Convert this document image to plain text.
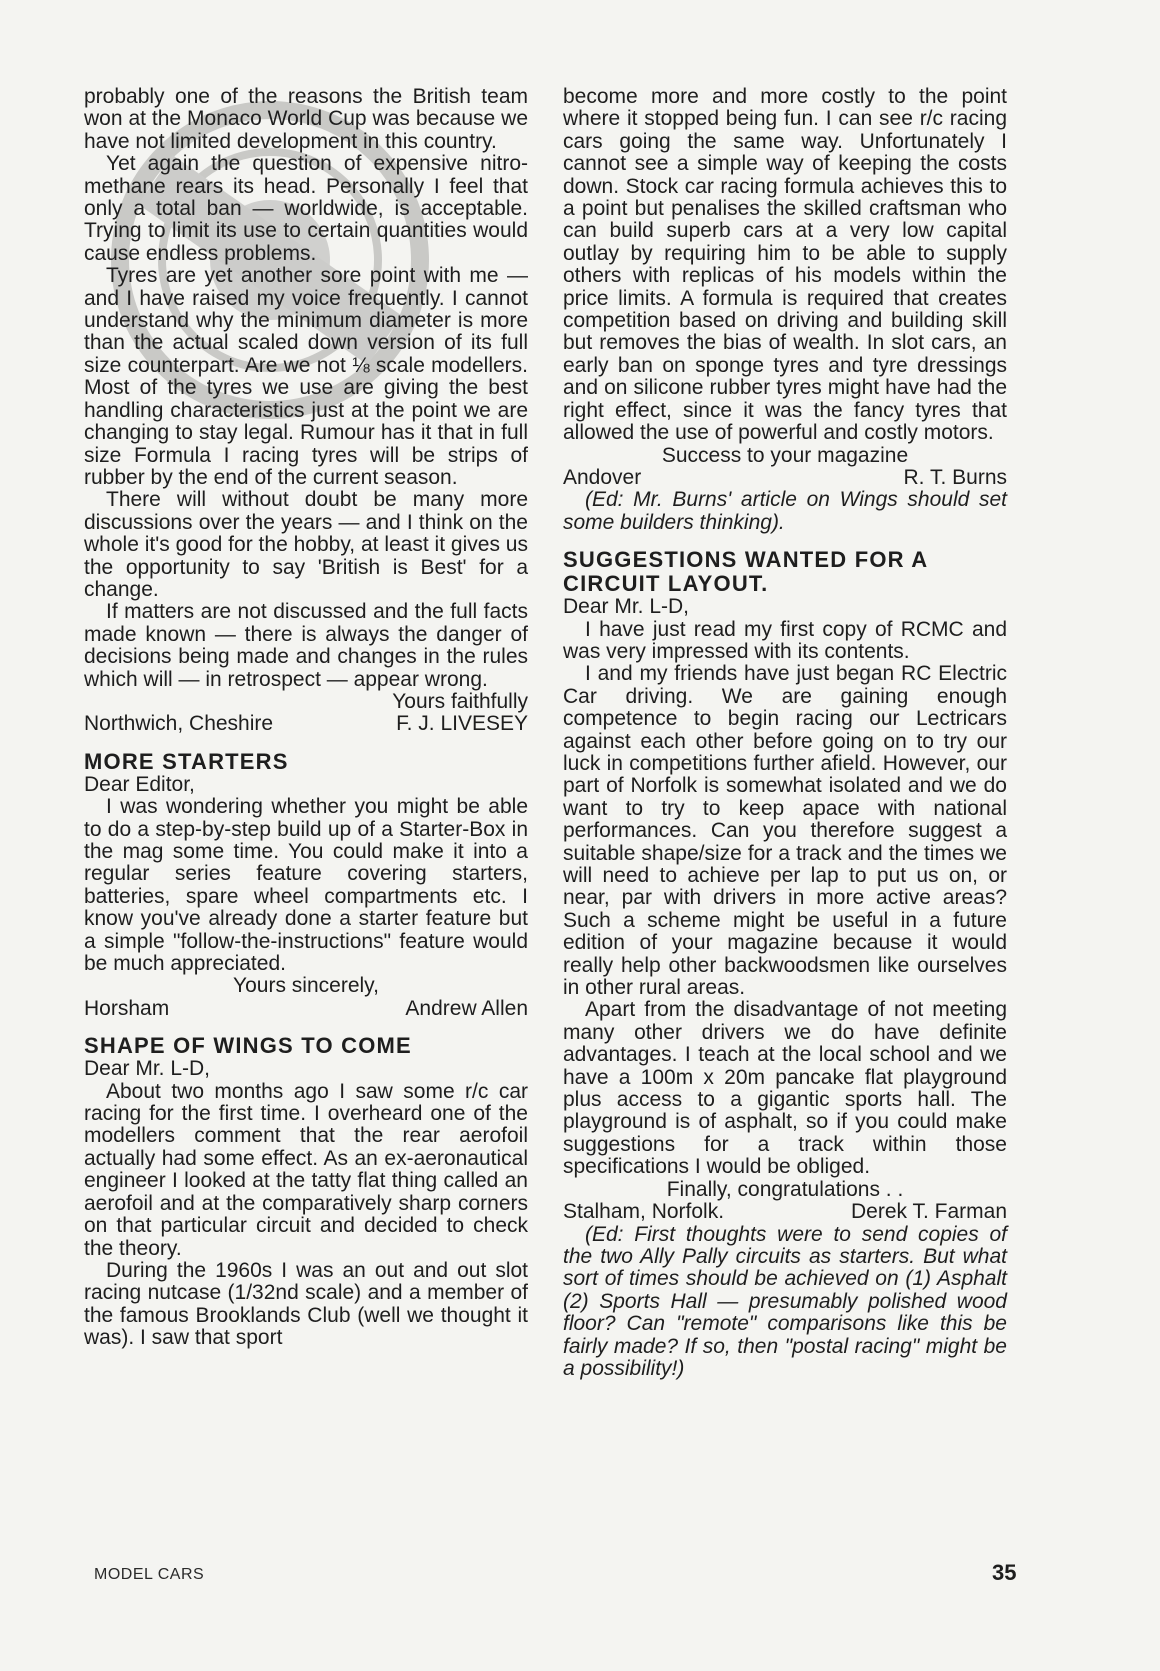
probably one of the reasons the British team won at the Monaco World Cup was because we have not limited development in this country.

Yet again the question of expensive nitro-methane rears its head. Personally I feel that only a total ban — worldwide, is acceptable. Trying to limit its use to certain quantities would cause endless problems.

Tyres are yet another sore point with me — and I have raised my voice frequently. I cannot understand why the minimum diameter is more than the actual scaled down version of its full size counterpart. Are we not ⅛ scale modellers. Most of the tyres we use are giving the best handling characteristics just at the point we are changing to stay legal. Rumour has it that in full size Formula I racing tyres will be strips of rubber by the end of the current season.

There will without doubt be many more discussions over the years — and I think on the whole it's good for the hobby, at least it gives us the opportunity to say 'British is Best' for a change.

If matters are not discussed and the full facts made known — there is always the danger of decisions being made and changes in the rules which will — in retrospect — appear wrong.

Yours faithfully
Northwich, Cheshire	F. J. LIVESEY
MORE STARTERS
Dear Editor,

I was wondering whether you might be able to do a step-by-step build up of a Starter-Box in the mag some time. You could make it into a regular series feature covering starters, batteries, spare wheel compartments etc. I know you've already done a starter feature but a simple "follow-the-instructions" feature would be much appreciated.

Yours sincerely,
Horsham	Andrew Allen
SHAPE OF WINGS TO COME
Dear Mr. L-D,

About two months ago I saw some r/c car racing for the first time. I overheard one of the modellers comment that the rear aerofoil actually had some effect. As an ex-aeronautical engineer I looked at the tatty flat thing called an aerofoil and at the comparatively sharp corners on that particular circuit and decided to check the theory.

During the 1960s I was an out and out slot racing nutcase (1/32nd scale) and a member of the famous Brooklands Club (well we thought it was). I saw that sport

become more and more costly to the point where it stopped being fun. I can see r/c racing cars going the same way. Unfortunately I cannot see a simple way of keeping the costs down. Stock car racing formula achieves this to a point but penalises the skilled craftsman who can build superb cars at a very low capital outlay by requiring him to be able to supply others with replicas of his models within the price limits. A formula is required that creates competition based on driving and building skill but removes the bias of wealth. In slot cars, an early ban on sponge tyres and tyre dressings and on silicone rubber tyres might have had the right effect, since it was the fancy tyres that allowed the use of powerful and costly motors.

Success to your magazine
Andover	R. T. Burns

(Ed: Mr. Burns' article on Wings should set some builders thinking).

SUGGESTIONS WANTED FOR A CIRCUIT LAYOUT.
Dear Mr. L-D,

I have just read my first copy of RCMC and was very impressed with its contents.

I and my friends have just began RC Electric Car driving. We are gaining enough competence to begin racing our Lectricars against each other before going on to try our luck in competitions further afield. However, our part of Norfolk is somewhat isolated and we do want to try to keep apace with national performances. Can you therefore suggest a suitable shape/size for a track and the times we will need to achieve per lap to put us on, or near, par with drivers in more active areas? Such a scheme might be useful in a future edition of your magazine because it would really help other backwoodsmen like ourselves in other rural areas.

Apart from the disadvantage of not meeting many other drivers we do have definite advantages. I teach at the local school and we have a 100m x 20m pancake flat playground plus access to a gigantic sports hall. The playground is of asphalt, so if you could make suggestions for a track within those specifications I would be obliged.

Finally, congratulations . .
Stalham, Norfolk.	Derek T. Farman

(Ed: First thoughts were to send copies of the two Ally Pally circuits as starters. But what sort of times should be achieved on (1) Asphalt (2) Sports Hall — presumably polished wood floor? Can "remote" comparisons like this be fairly made? If so, then "postal racing" might be a possibility!)

MODEL CARS	35
